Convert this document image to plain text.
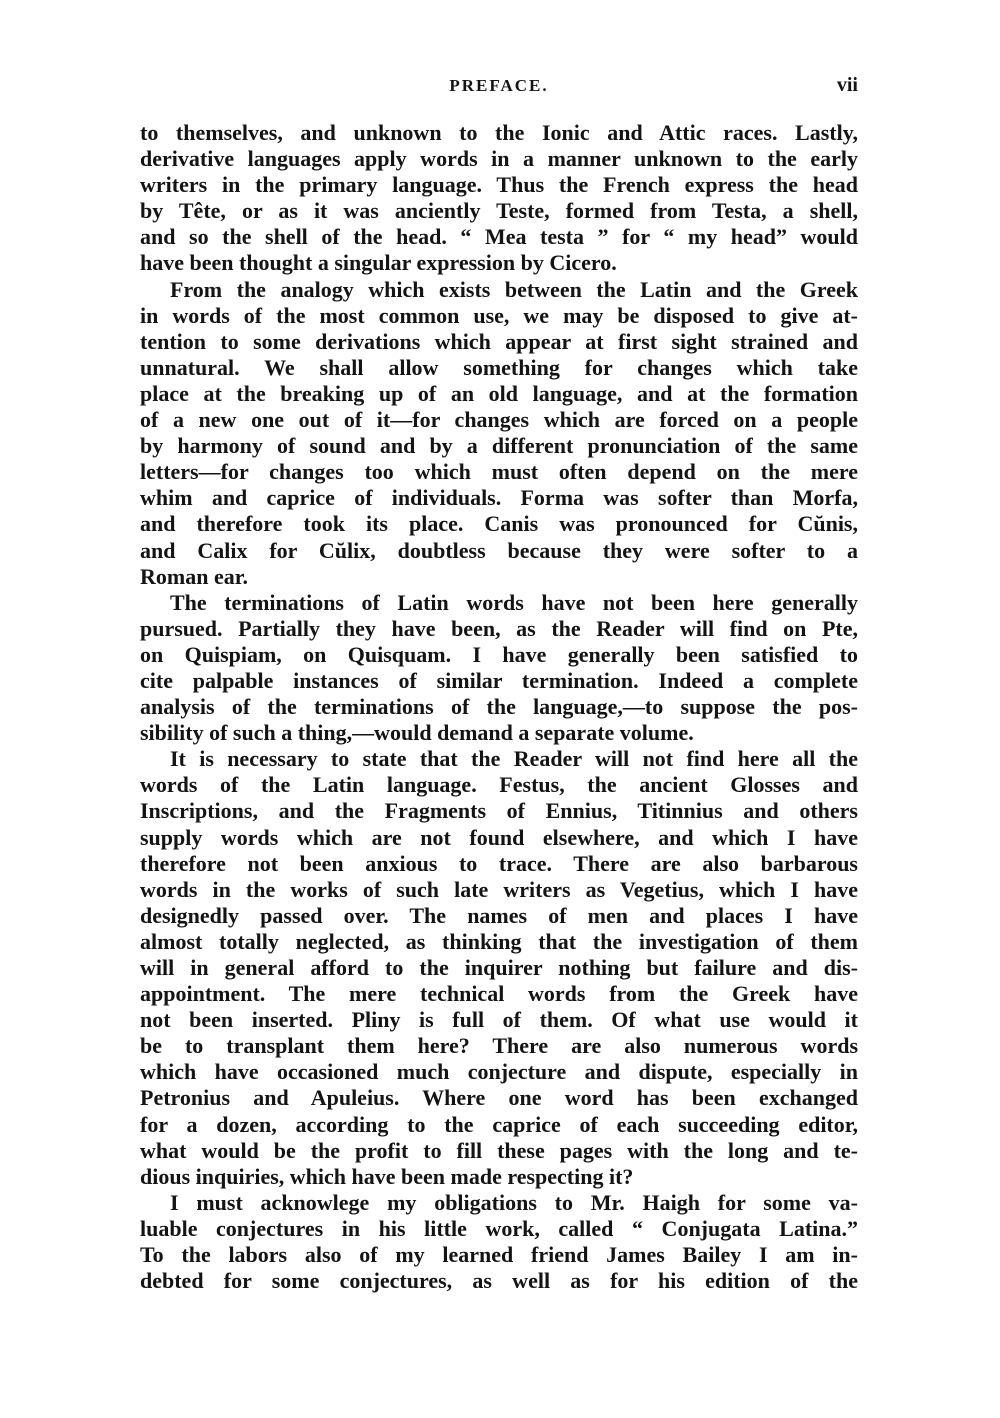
PREFACE.	vii
to themselves, and unknown to the Ionic and Attic races. Lastly,
derivative languages apply words in a manner unknown to the early
writers in the primary language. Thus the French express the head
by Tête, or as it was anciently Teste, formed from Testa, a shell,
and so the shell of the head. “ Mea testa ” for “ my head” would
have been thought a singular expression by Cicero.
From the analogy which exists between the Latin and the Greek
in words of the most common use, we may be disposed to give at-
tention to some derivations which appear at first sight strained and
unnatural. We shall allow something for changes which take
place at the breaking up of an old language, and at the formation
of a new one out of it—for changes which are forced on a people
by harmony of sound and by a different pronunciation of the same
letters—for changes too which must often depend on the mere
whim and caprice of individuals. Forma was softer than Morfa,
and therefore took its place. Canis was pronounced for Cŭnis,
and Calix for Cŭlix, doubtless because they were softer to a
Roman ear.
The terminations of Latin words have not been here generally
pursued. Partially they have been, as the Reader will find on Pte,
on Quispiam, on Quisquam. I have generally been satisfied to
cite palpable instances of similar termination. Indeed a complete
analysis of the terminations of the language,—to suppose the pos-
sibility of such a thing,—would demand a separate volume.
It is necessary to state that the Reader will not find here all the
words of the Latin language. Festus, the ancient Glosses and
Inscriptions, and the Fragments of Ennius, Titinnius and others
supply words which are not found elsewhere, and which I have
therefore not been anxious to trace. There are also barbarous
words in the works of such late writers as Vegetius, which I have
designedly passed over. The names of men and places I have
almost totally neglected, as thinking that the investigation of them
will in general afford to the inquirer nothing but failure and dis-
appointment. The mere technical words from the Greek have
not been inserted. Pliny is full of them. Of what use would it
be to transplant them here? There are also numerous words
which have occasioned much conjecture and dispute, especially in
Petronius and Apuleius. Where one word has been exchanged
for a dozen, according to the caprice of each succeeding editor,
what would be the profit to fill these pages with the long and te-
dious inquiries, which have been made respecting it?
I must acknowlege my obligations to Mr. Haigh for some va-
luable conjectures in his little work, called “ Conjugata Latina.”
To the labors also of my learned friend James Bailey I am in-
debted for some conjectures, as well as for his edition of the
